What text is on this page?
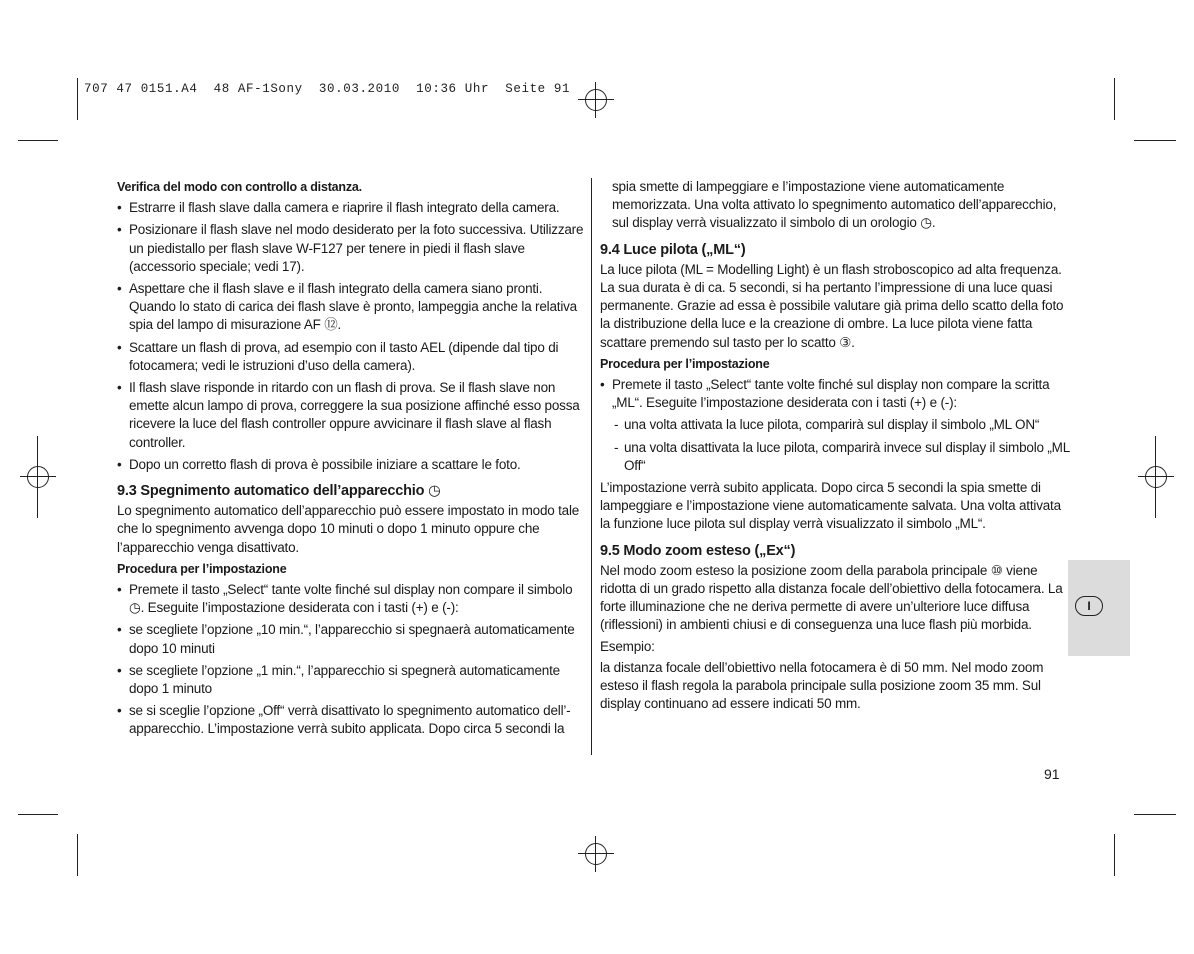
707 47 0151.A4  48 AF-1Sony  30.03.2010  10:36 Uhr  Seite 91
Verifica del modo con controllo a distanza.
• Estrarre il flash slave dalla camera e riaprire il flash integrato della camera.
• Posizionare il flash slave nel modo desiderato per la foto successiva. Utilizzare un piedistallo per flash slave W-F127 per tenere in piedi il flash slave (accessorio speciale; vedi 17).
• Aspettare che il flash slave e il flash integrato della camera siano pronti. Quando lo stato di carica dei flash slave è pronto, lampeggia anche la relativa spia del lampo di misurazione AF ⑫.
• Scattare un flash di prova, ad esempio con il tasto AEL (dipende dal tipo di fotocamera; vedi le istruzioni d’uso della camera).
• Il flash slave risponde in ritardo con un flash di prova. Se il flash slave non emette alcun lampo di prova, correggere la sua posizione affinché esso possa ricevere la luce del flash controller oppure avvicinare il flash slave al flash controller.
• Dopo un corretto flash di prova è possibile iniziare a scattare le foto.
9.3 Spegnimento automatico dell’apparecchio ◷

Lo spegnimento automatico dell’apparecchio può essere impostato in modo tale che lo spegnimento avvenga dopo 10 minuti o dopo 1 minuto oppure che l’apparecchio venga disattivato.

Procedura per l’impostazione
• Premete il tasto „Select“ tante volte finché sul display non compare il simbolo ◷. Eseguite l’impostazione desiderata con i tasti (+) e (-):
• se scegliete l’opzione „10 min.“, l’apparecchio si spegnaerà automaticamente dopo 10 minuti
• se scegliete l’opzione „1 min.“, l’apparecchio si spegnerà automaticamente dopo 1 minuto
• se si sceglie l’opzione „Off“ verrà disattivato lo spegnimento automatico dell’-apparecchio. L’impostazione verrà subito applicata. Dopo circa 5 secondi la
spia smette di lampeggiare e l’impostazione viene automaticamente memorizzata. Una volta attivato lo spegnimento automatico dell’apparecchio, sul display verrà visualizzato il simbolo di un orologio ◷.
9.4 Luce pilota („ML“)

La luce pilota (ML = Modelling Light) è un flash stroboscopico ad alta frequenza. La sua durata è di ca. 5 secondi, si ha pertanto l’impressione di una luce quasi permanente. Grazie ad essa è possibile valutare già prima dello scatto della foto la distribuzione della luce e la creazione di ombre. La luce pilota viene fatta scattare premendo sul tasto per lo scatto ③.

Procedura per l’impostazione
• Premete il tasto „Select“ tante volte finché sul display non compare la scritta „ML“. Eseguite l’impostazione desiderata con i tasti (+) e (-):
- una volta attivata la luce pilota, comparirà sul display il simbolo „ML ON“
- una volta disattivata la luce pilota, comparirà invece sul display il simbolo „ML Off“

L’impostazione verrà subito applicata. Dopo circa 5 secondi la spia smette di lampeggiare e l’impostazione viene automaticamente salvata. Una volta attivata la funzione luce pilota sul display verrà visualizzato il simbolo „ML“.

9.5 Modo zoom esteso („Ex“)

Nel modo zoom esteso la posizione zoom della parabola principale ⑩ viene ridotta di un grado rispetto alla distanza focale dell’obiettivo della fotocamera. La forte illuminazione che ne deriva permette di avere un’ulteriore luce diffusa (riflessioni) in ambienti chiusi e di conseguenza una luce flash più morbida.

Esempio:

la distanza focale dell’obiettivo nella fotocamera è di 50 mm. Nel modo zoom esteso il flash regola la parabola principale sulla posizione zoom 35 mm. Sul display continuano ad essere indicati 50 mm.

I
91
